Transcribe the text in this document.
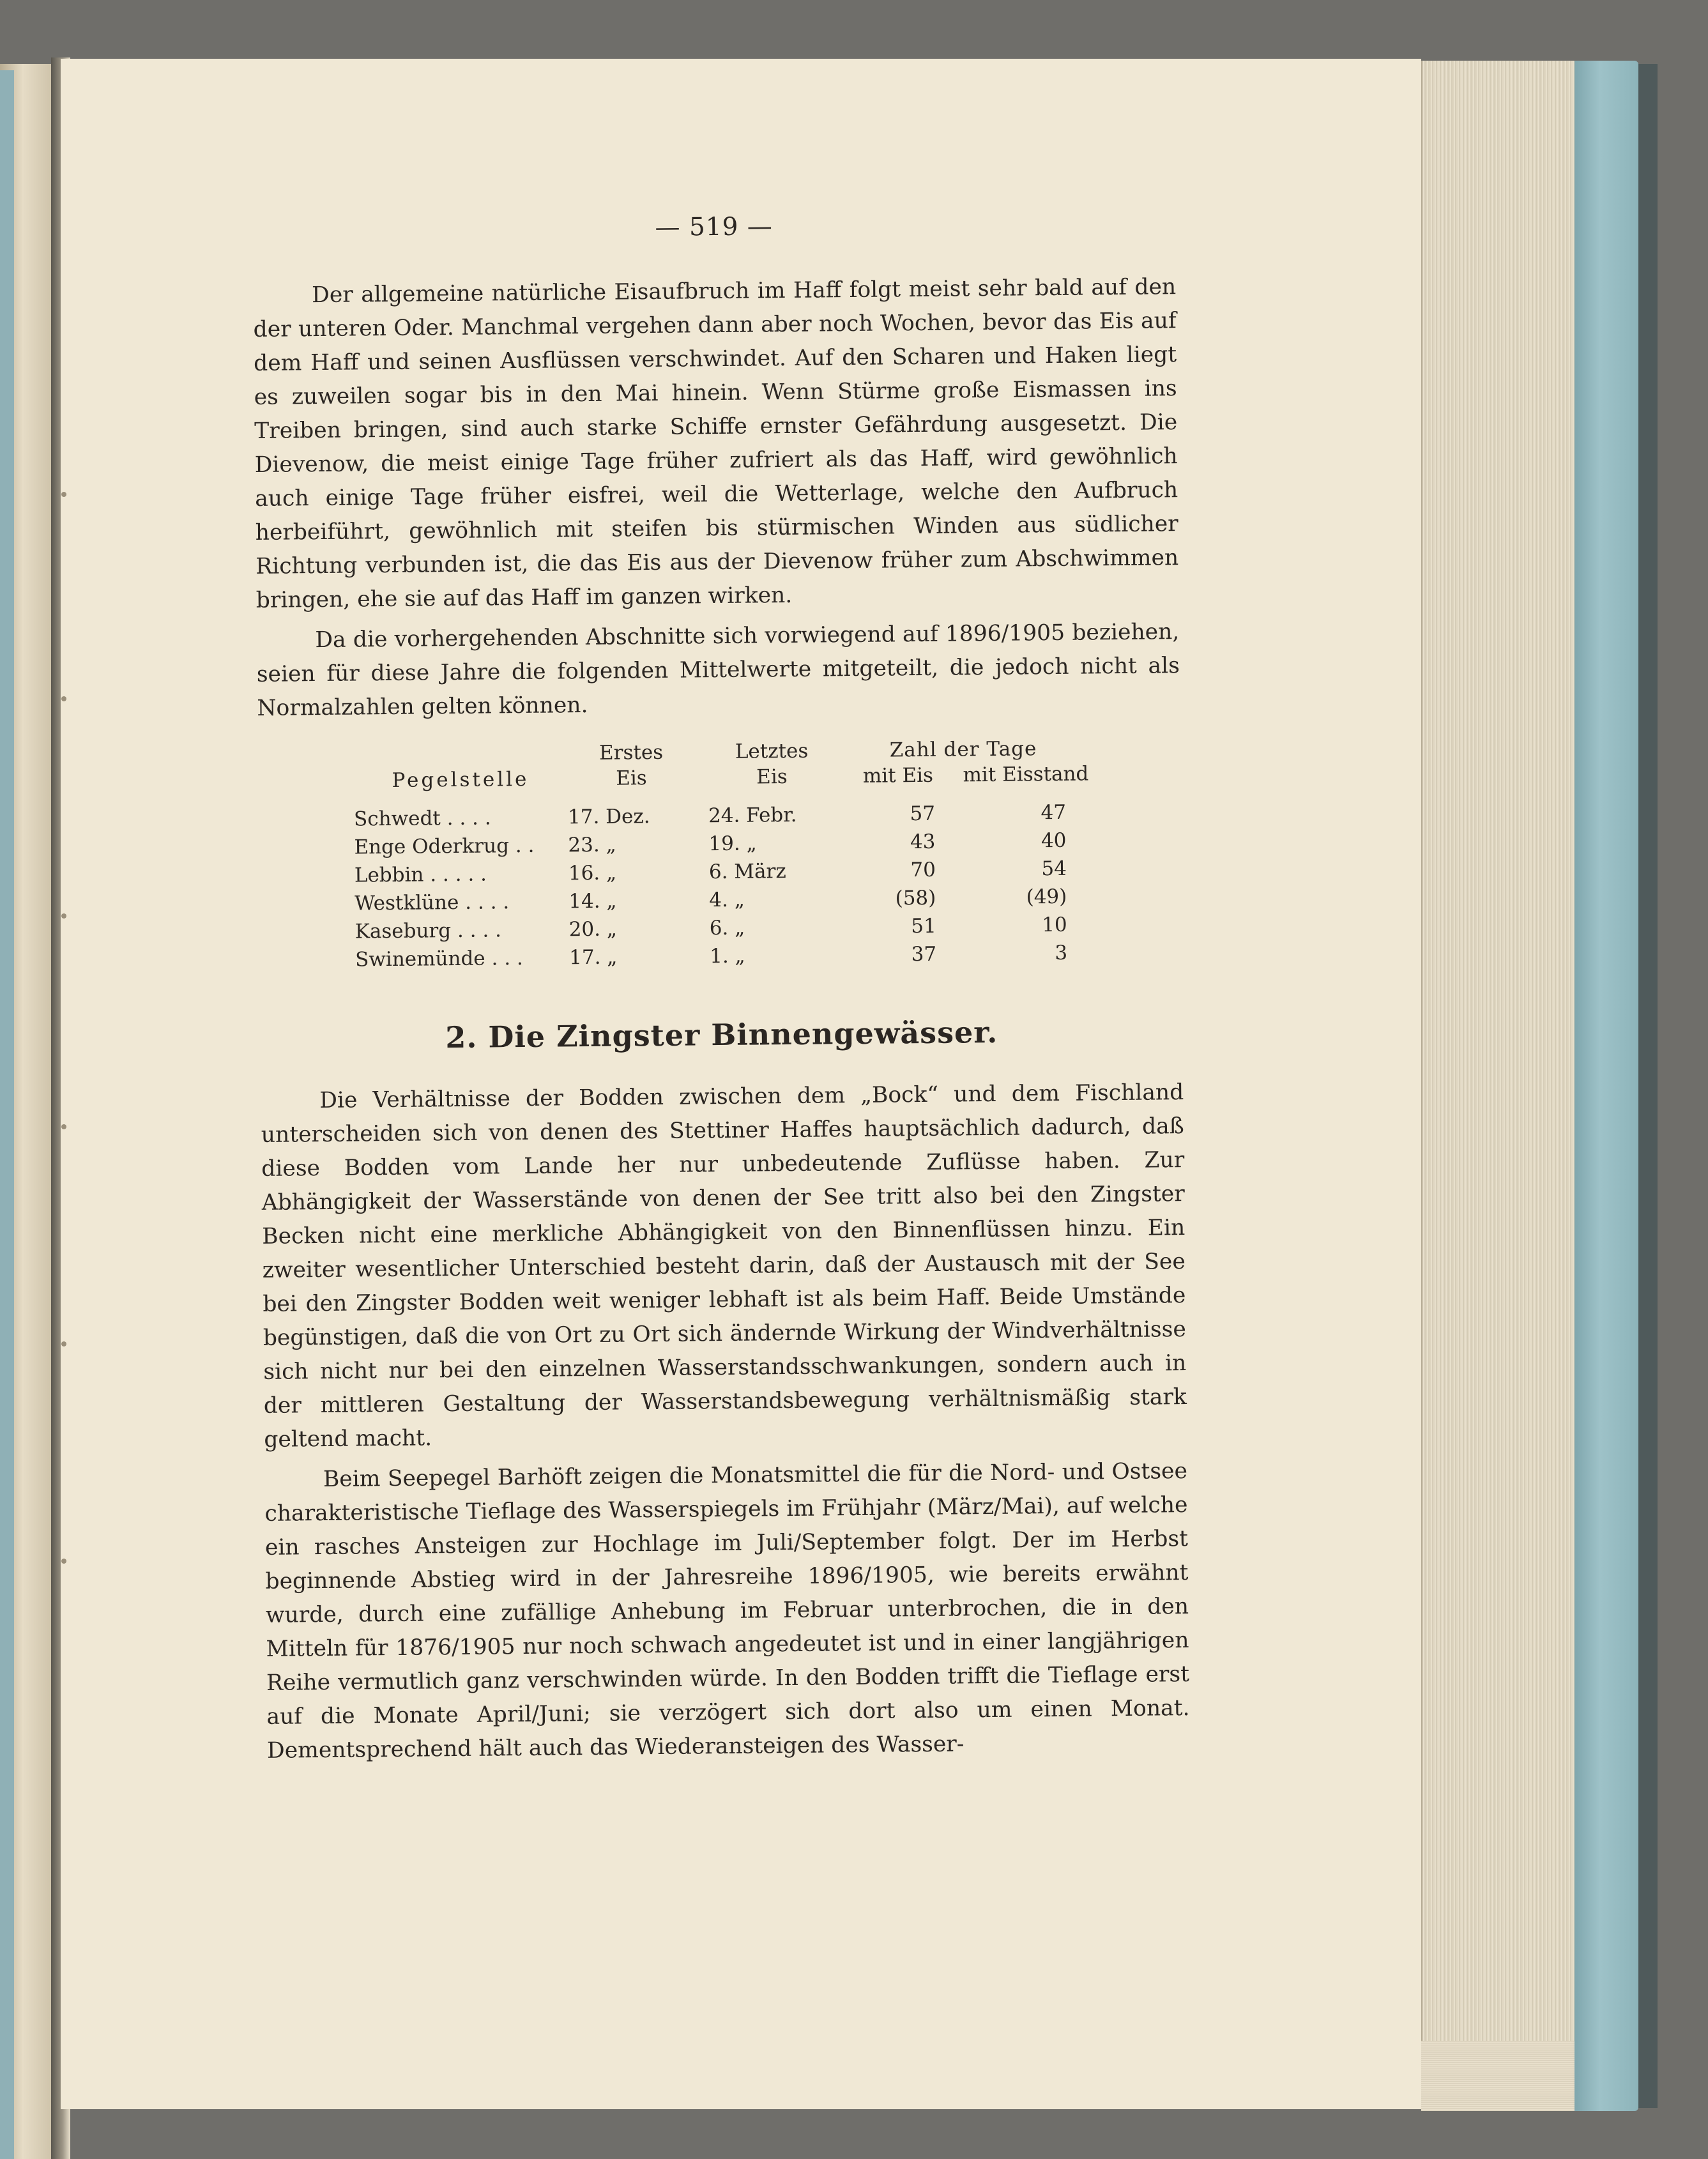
— 519 —

Der allgemeine natürliche Eisaufbruch im Haff folgt meist sehr bald auf den der unteren Oder. Manchmal vergehen dann aber noch Wochen, bevor das Eis auf dem Haff und seinen Ausflüssen verschwindet. Auf den Scharen und Haken liegt es zuweilen sogar bis in den Mai hinein. Wenn Stürme große Eismassen ins Treiben bringen, sind auch starke Schiffe ernster Gefährdung ausgesetzt. Die Dievenow, die meist einige Tage früher zufriert als das Haff, wird gewöhnlich auch einige Tage früher eisfrei, weil die Wetterlage, welche den Aufbruch herbeiführt, gewöhnlich mit steifen bis stürmischen Winden aus südlicher Richtung verbunden ist, die das Eis aus der Dievenow früher zum Abschwimmen bringen, ehe sie auf das Haff im ganzen wirken.

Da die vorhergehenden Abschnitte sich vorwiegend auf 1896/1905 beziehen, seien für diese Jahre die folgenden Mittelwerte mitgeteilt, die jedoch nicht als Normalzahlen gelten können.

Pegelstelle	Erstes	Letztes	Zahl der Tage	
	Eis	Eis	mit Eis	mit Eisstand

Schwedt . . . .	17. Dez.	24. Febr.	57	47
Enge Oderkrug . .	23. „	19. „	43	40
Lebbin . . . . .	16. „	6. März	70	54
Westklüne . . . .	14. „	4. „	(58)	(49)
Kaseburg . . . .	20. „	6. „	51	10
Swinemünde . . .	17. „	1. „	37	3
2. Die Zingster Binnengewässer.

Die Verhältnisse der Bodden zwischen dem „Bock“ und dem Fischland unterscheiden sich von denen des Stettiner Haffes hauptsächlich dadurch, daß diese Bodden vom Lande her nur unbedeutende Zuflüsse haben. Zur Abhängigkeit der Wasserstände von denen der See tritt also bei den Zingster Becken nicht eine merkliche Abhängigkeit von den Binnenflüssen hinzu. Ein zweiter wesentlicher Unterschied besteht darin, daß der Austausch mit der See bei den Zingster Bodden weit weniger lebhaft ist als beim Haff. Beide Umstände begünstigen, daß die von Ort zu Ort sich ändernde Wirkung der Windverhältnisse sich nicht nur bei den einzelnen Wasserstandsschwankungen, sondern auch in der mittleren Gestaltung der Wasserstandsbewegung verhältnismäßig stark geltend macht.

Beim Seepegel Barhöft zeigen die Monatsmittel die für die Nord- und Ostsee charakteristische Tieflage des Wasserspiegels im Frühjahr (März/Mai), auf welche ein rasches Ansteigen zur Hochlage im Juli/September folgt. Der im Herbst beginnende Abstieg wird in der Jahresreihe 1896/1905, wie bereits erwähnt wurde, durch eine zufällige Anhebung im Februar unterbrochen, die in den Mitteln für 1876/1905 nur noch schwach angedeutet ist und in einer langjährigen Reihe vermutlich ganz verschwinden würde. In den Bodden trifft die Tieflage erst auf die Monate April/Juni; sie verzögert sich dort also um einen Monat. Dementsprechend hält auch das Wiederansteigen des Wasser-
